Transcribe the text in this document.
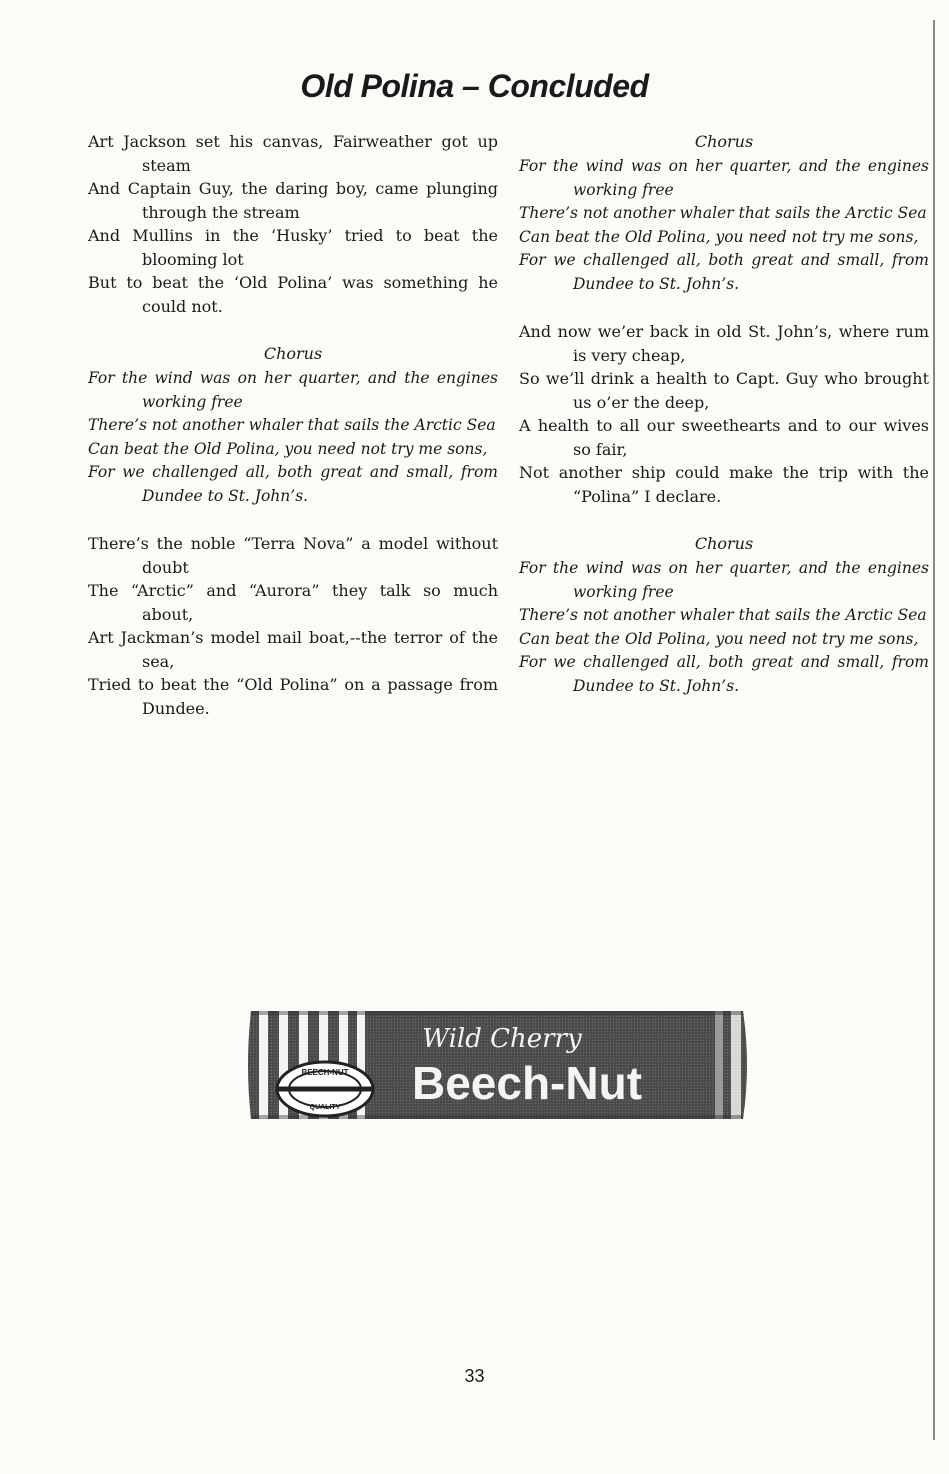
Old Polina – Concluded

Art Jackson set his canvas, Fairweather got up steam

And Captain Guy, the daring boy, came plunging through the stream

And Mullins in the ‘Husky’ tried to beat the blooming lot

But to beat the ‘Old Polina’ was something he could not.

Chorus

For the wind was on her quarter, and the engines working free

There’s not another whaler that sails the Arctic Sea

Can beat the Old Polina, you need not try me sons,

For we challenged all, both great and small, from Dundee to St. John’s.

There’s the noble “Terra Nova” a model without doubt

The “Arctic” and “Aurora” they talk so much about,

Art Jackman’s model mail boat,--the terror of the sea,

Tried to beat the “Old Polina” on a passage from Dundee.

Chorus

For the wind was on her quarter, and the engines working free

There’s not another whaler that sails the Arctic Sea

Can beat the Old Polina, you need not try me sons,

For we challenged all, both great and small, from Dundee to St. John’s.

And now we’er back in old St. John’s, where rum is very cheap,

So we’ll drink a health to Capt. Guy who brought us o’er the deep,

A health to all our sweethearts and to our wives so fair,

Not another ship could make the trip with the “Polina” I declare.

Chorus

For the wind was on her quarter, and the engines working free

There’s not another whaler that sails the Arctic Sea

Can beat the Old Polina, you need not try me sons,

For we challenged all, both great and small, from Dundee to St. John’s.

BEECH-NUT
QUALITY
Wild Cherry
Beech-Nut
33
